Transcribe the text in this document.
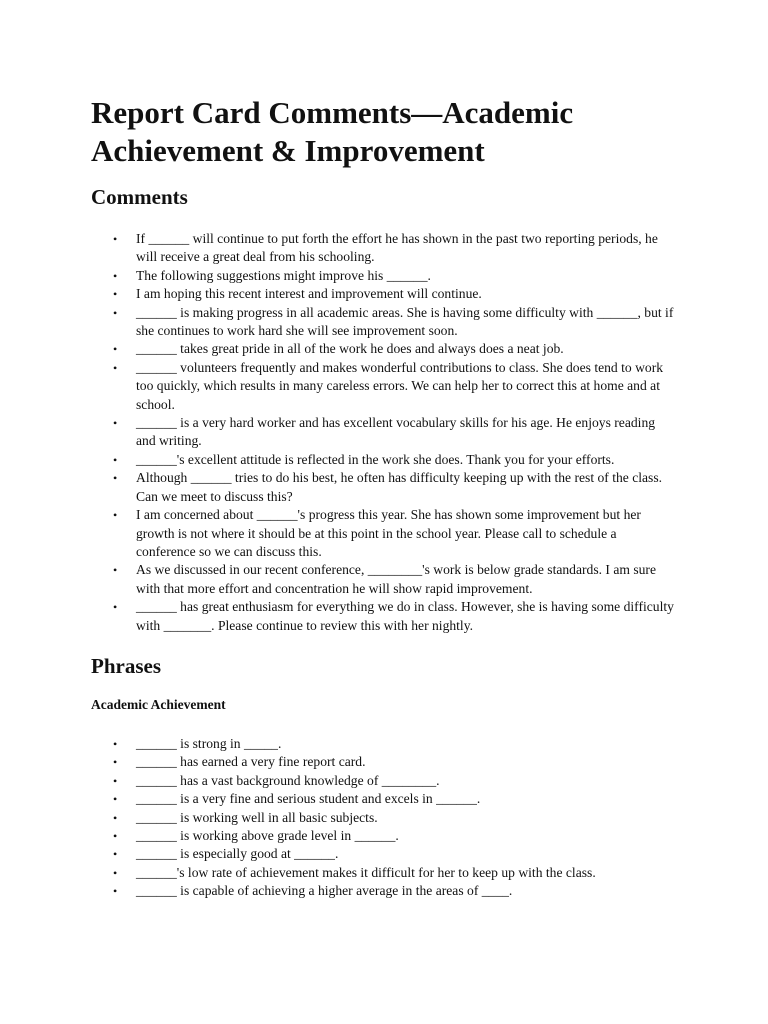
Report Card Comments—Academic Achievement & Improvement
Comments
•	If ______ will continue to put forth the effort he has shown in the past two reporting periods, he will receive a great deal from his schooling.
•	The following suggestions might improve his ______.
•	I am hoping this recent interest and improvement will continue.
•	______ is making progress in all academic areas. She is having some difficulty with ______, but if she continues to work hard she will see improvement soon.
•	______ takes great pride in all of the work he does and always does a neat job.
•	______ volunteers frequently and makes wonderful contributions to class. She does tend to work too quickly, which results in many careless errors. We can help her to correct this at home and at school.
•	______ is a very hard worker and has excellent vocabulary skills for his age. He enjoys reading and writing.
•	______'s excellent attitude is reflected in the work she does. Thank you for your efforts.
•	Although ______ tries to do his best, he often has difficulty keeping up with the rest of the class. Can we meet to discuss this?
•	I am concerned about ______'s progress this year. She has shown some improvement but her growth is not where it should be at this point in the school year. Please call to schedule a conference so we can discuss this.
•	As we discussed in our recent conference, ________'s work is below grade standards. I am sure with that more effort and concentration he will show rapid improvement.
•	______ has great enthusiasm for everything we do in class. However, she is having some difficulty with _______. Please continue to review this with her nightly.
Phrases
Academic Achievement
•	______ is strong in _____.
•	______ has earned a very fine report card.
•	______ has a vast background knowledge of ________.
•	______ is a very fine and serious student and excels in ______.
•	______ is working well in all basic subjects.
•	______ is working above grade level in ______.
•	______ is especially good at ______.
•	______'s low rate of achievement makes it difficult for her to keep up with the class.
•	______ is capable of achieving a higher average in the areas of ____.
